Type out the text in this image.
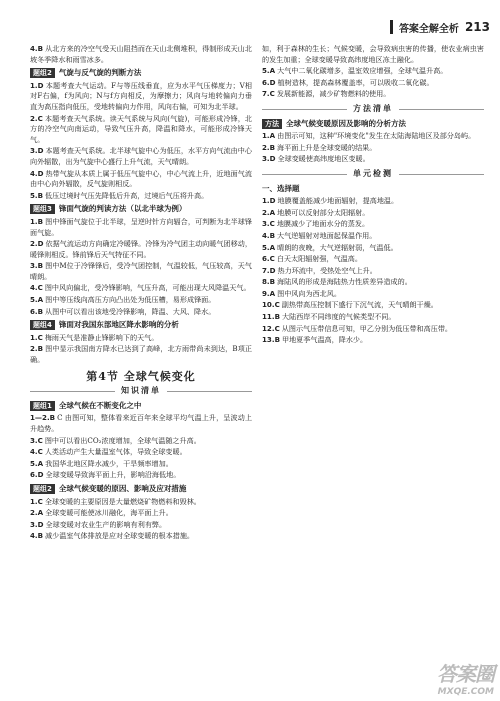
答案全解全析 213

4.B 从北方来的冷空气受天山阻挡而在天山北侧堆积，得制形成天山北坡冬季降水和雨雪冰多。

题组2 气旋与反气旋的判断方法

1.D 本题考查大气运动。F与等压线垂直，应为水平气压梯度力；V相对F右偏，f为风向；N与f方向相反，为摩擦力；风向与地转偏向力垂直为高压指向低压，受地转偏向力作用，风向右偏，可知为北半球。

2.C 本题考查天气系统。读天气系统与风向(气旋)，可能形成冷锋，北方的冷空气向南运动，导致气压升高，降温和降水，可能形成冷锋天气。

3.D 本题考查天气系统。北半球气旋中心为低压，水平方向气流由中心向外辐散，出为气旋中心盛行上升气流，天气晴朗。

4.D 热带气旋从本质上属于低压气旋中心，中心气流上升，近地面气流由中心向外辐散，反气旋则相反。

5.B 低压过境时气压先降低后升高，过境后气压将升高。

题组3 锋面气旋的判读方法（以北半球为例）

1.B 图中锋面气旋位于北半球，呈逆时针方向辐合，可判断为北半球锋面气旋。

2.D 依据气流运动方向确定冷暖锋。冷锋为冷气团主动向暖气团移动，暖锋则相反。锋前锋后天气特征不同。

3.B 图中M位于冷锋锋后，受冷气团控制，气温较低，气压较高，天气晴朗。

4.C 图中风向偏北，受冷锋影响，气压升高，可能出现大风降温天气。

5.A 图中等压线向高压方向凸出处为低压槽，易形成锋面。

6.B 从图中可以看出该地受冷锋影响，降温、大风、降水。

题组4 锋面对我国东部地区降水影响的分析

1.C 梅雨天气是准静止锋影响下的天气。

2.B 图中显示我国南方降水已达到了高峰，北方雨带尚未到达，B项正确。

第4节 全球气候变化
知识清单
题组1 全球气候在不断变化之中

1—2.B C 由图可知，整体看来近百年来全球平均气温上升，呈波动上升趋势。

3.C 图中可以看出CO₂浓度增加，全球气温随之升高。

4.C 人类活动产生大量温室气体，导致全球变暖。

5.A 我国华北地区降水减少，干旱频率增加。

6.D 全球变暖导致海平面上升，影响沿海低地。

题组2 全球气候变暖的原因、影响及应对措施

1.C 全球变暖的主要原因是大量燃烧矿物燃料和毁林。

2.A 全球变暖可能使冰川融化，海平面上升。

3.D 全球变暖对农业生产的影响有利有弊。

4.B 减少温室气体排放是应对全球变暖的根本措施。

如，利于森林的生长；气候变暖，会导致病虫害的传播，使农业病虫害的发生加重；全球变暖导致高纬度地区冻土融化。

5.A 大气中二氧化碳增多，温室效应增强，全球气温升高。

6.D 植树造林，提高森林覆盖率，可以吸收二氧化碳。

7.C 发展新能源，减少矿物燃料的使用。

方法清单
方法 全球气候变暖原因及影响的分析方法

1.A 由图示可知，这种"环境变化"发生在太陆海陆地区及部分岛屿。

2.B 海平面上升是全球变暖的结果。

3.D 全球变暖使高纬度地区变暖。

单元检测
一、选择题

1.D 地膜覆盖能减少地面辐射，提高地温。

2.A 地膜可以反射部分太阳辐射。

3.C 地膜减少了地面水分的蒸发。

4.B 大气逆辐射对地面起保温作用。

5.A 晴朗的夜晚，大气逆辐射弱，气温低。

6.C 白天太阳辐射强，气温高。

7.D 热力环流中，受热处空气上升。

8.B 海陆风的形成是海陆热力性质差异造成的。

9.A 图中风向为西北风。

10.C 副热带高压控制下盛行下沉气流，天气晴朗干燥。

11.B 大陆西岸不同纬度的气候类型不同。

12.C 从图示气压带信息可知，甲乙分别为低压带和高压带。

13.B 甲地夏季气温高，降水少。

答案圈
MXQE.COM
